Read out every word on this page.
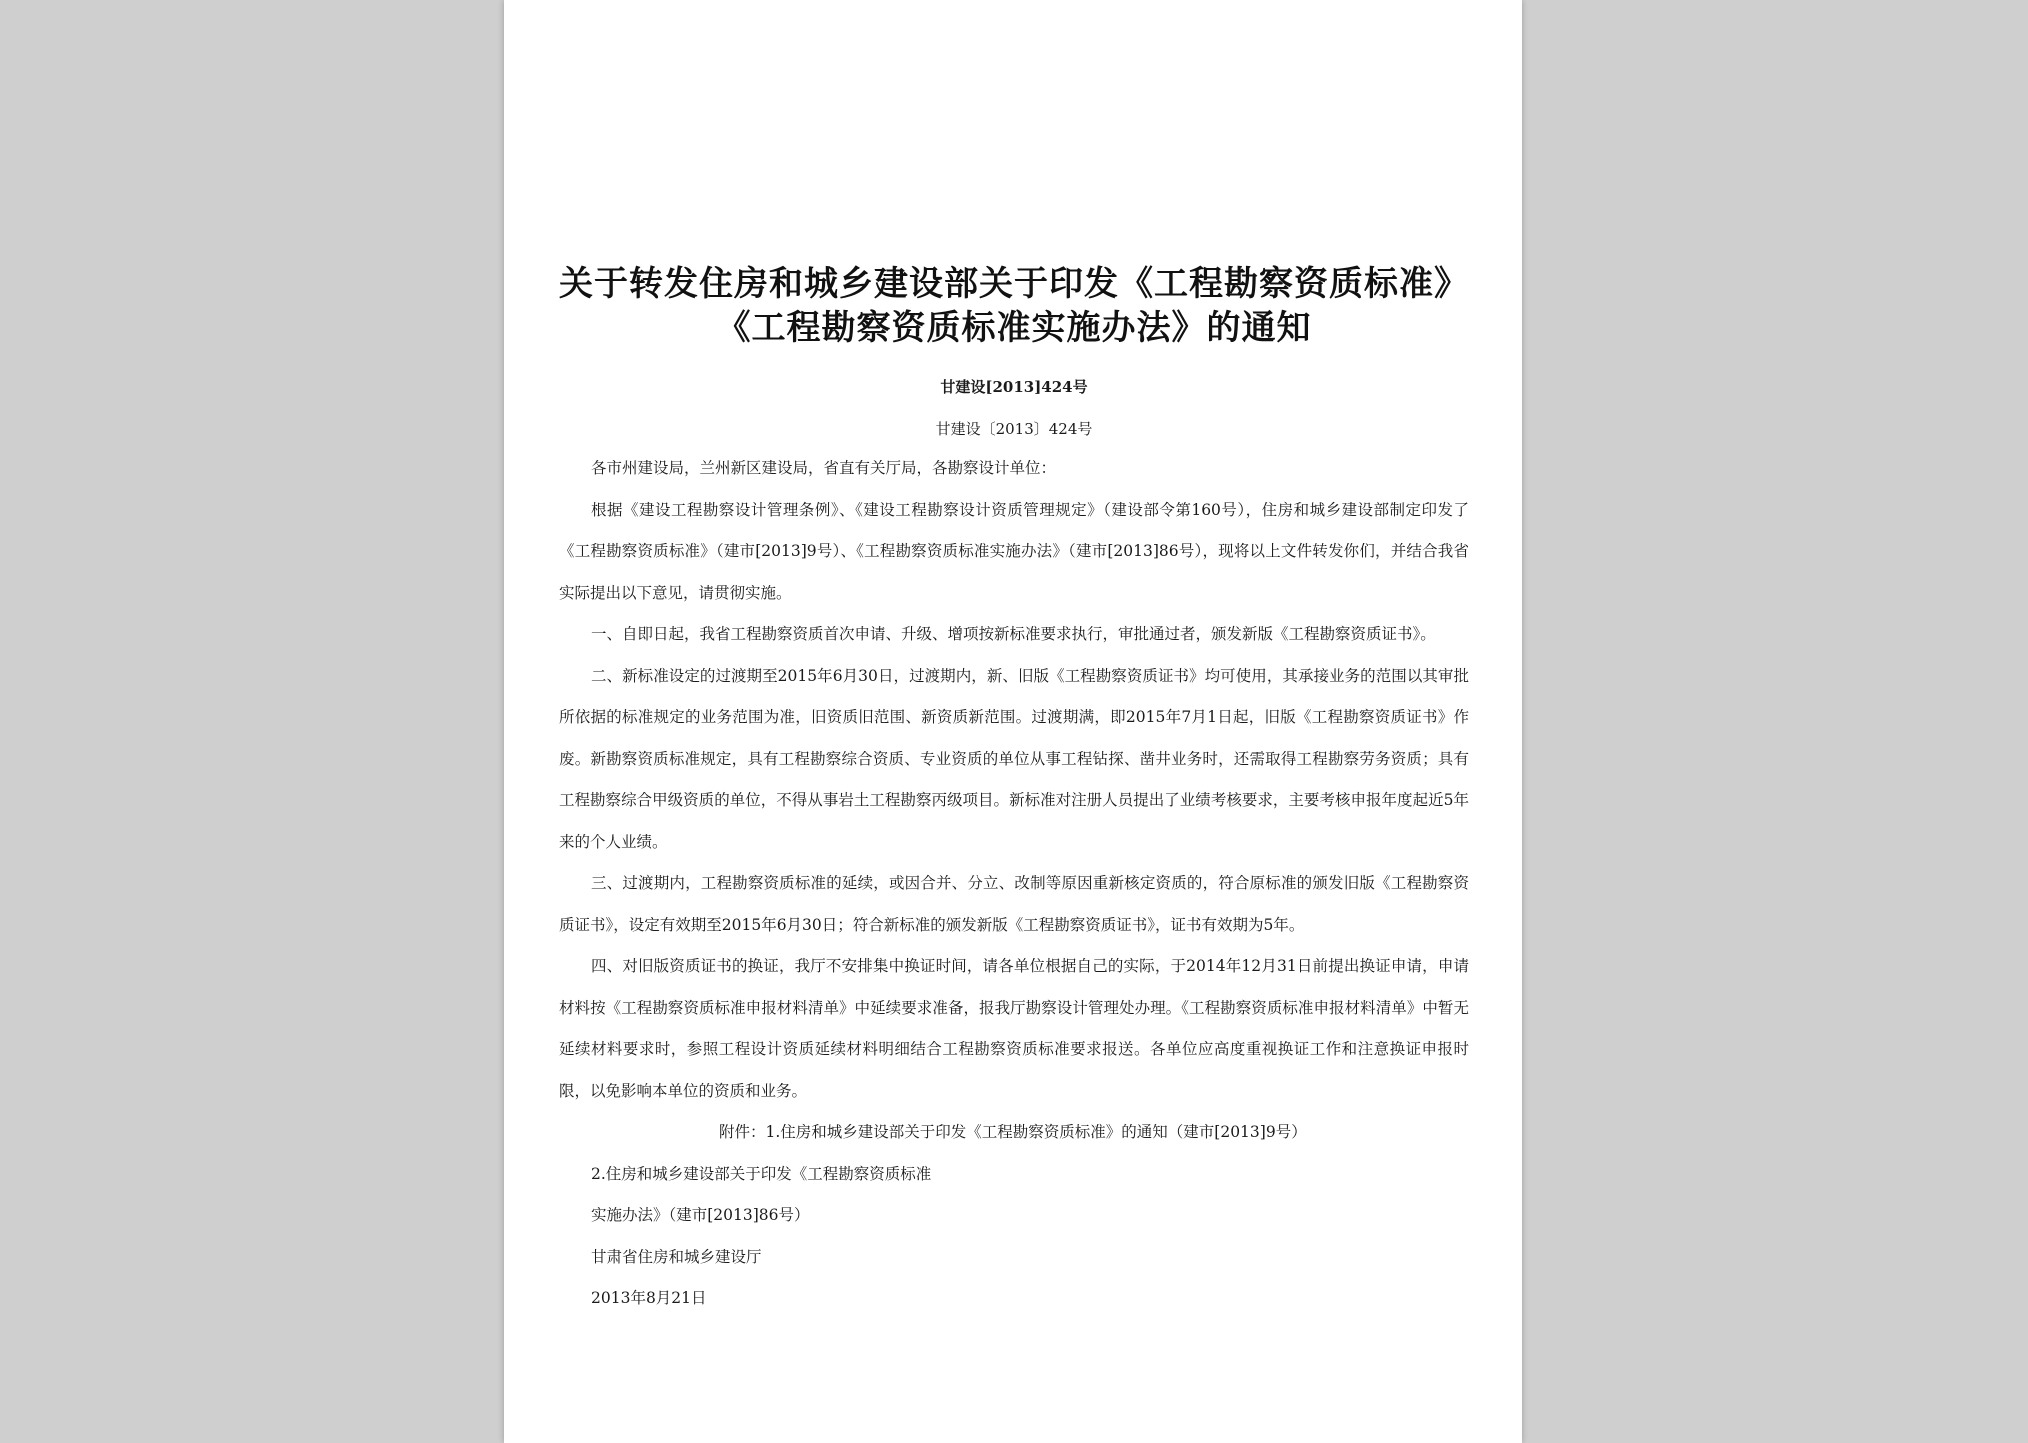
关于转发住房和城乡建设部关于印发《工程勘察资质标准》《工程勘察资质标准实施办法》的通知

甘建设[2013]424号

甘建设〔2013〕424号

各市州建设局，兰州新区建设局，省直有关厅局，各勘察设计单位：

根据《建设工程勘察设计管理条例》、《建设工程勘察设计资质管理规定》（建设部令第160号），住房和城乡建设部制定印发了《工程勘察资质标准》（建市[2013]9号）、《工程勘察资质标准实施办法》（建市[2013]86号），现将以上文件转发你们，并结合我省实际提出以下意见，请贯彻实施。

一、自即日起，我省工程勘察资质首次申请、升级、增项按新标准要求执行，审批通过者，颁发新版《工程勘察资质证书》。

二、新标准设定的过渡期至2015年6月30日，过渡期内，新、旧版《工程勘察资质证书》均可使用，其承接业务的范围以其审批所依据的标准规定的业务范围为准，旧资质旧范围、新资质新范围。过渡期满，即2015年7月1日起，旧版《工程勘察资质证书》作废。新勘察资质标准规定，具有工程勘察综合资质、专业资质的单位从事工程钻探、凿井业务时，还需取得工程勘察劳务资质；具有工程勘察综合甲级资质的单位，不得从事岩土工程勘察丙级项目。新标准对注册人员提出了业绩考核要求，主要考核申报年度起近5年来的个人业绩。

三、过渡期内，工程勘察资质标准的延续，或因合并、分立、改制等原因重新核定资质的，符合原标准的颁发旧版《工程勘察资质证书》，设定有效期至2015年6月30日；符合新标准的颁发新版《工程勘察资质证书》，证书有效期为5年。

四、对旧版资质证书的换证，我厅不安排集中换证时间，请各单位根据自己的实际，于2014年12月31日前提出换证申请，申请材料按《工程勘察资质标准申报材料清单》中延续要求准备，报我厅勘察设计管理处办理。《工程勘察资质标准申报材料清单》中暂无延续材料要求时，参照工程设计资质延续材料明细结合工程勘察资质标准要求报送。各单位应高度重视换证工作和注意换证申报时限，以免影响本单位的资质和业务。

附件：1.住房和城乡建设部关于印发《工程勘察资质标准》的通知（建市[2013]9号）

2.住房和城乡建设部关于印发《工程勘察资质标准

实施办法》（建市[2013]86号）

甘肃省住房和城乡建设厅

2013年8月21日
